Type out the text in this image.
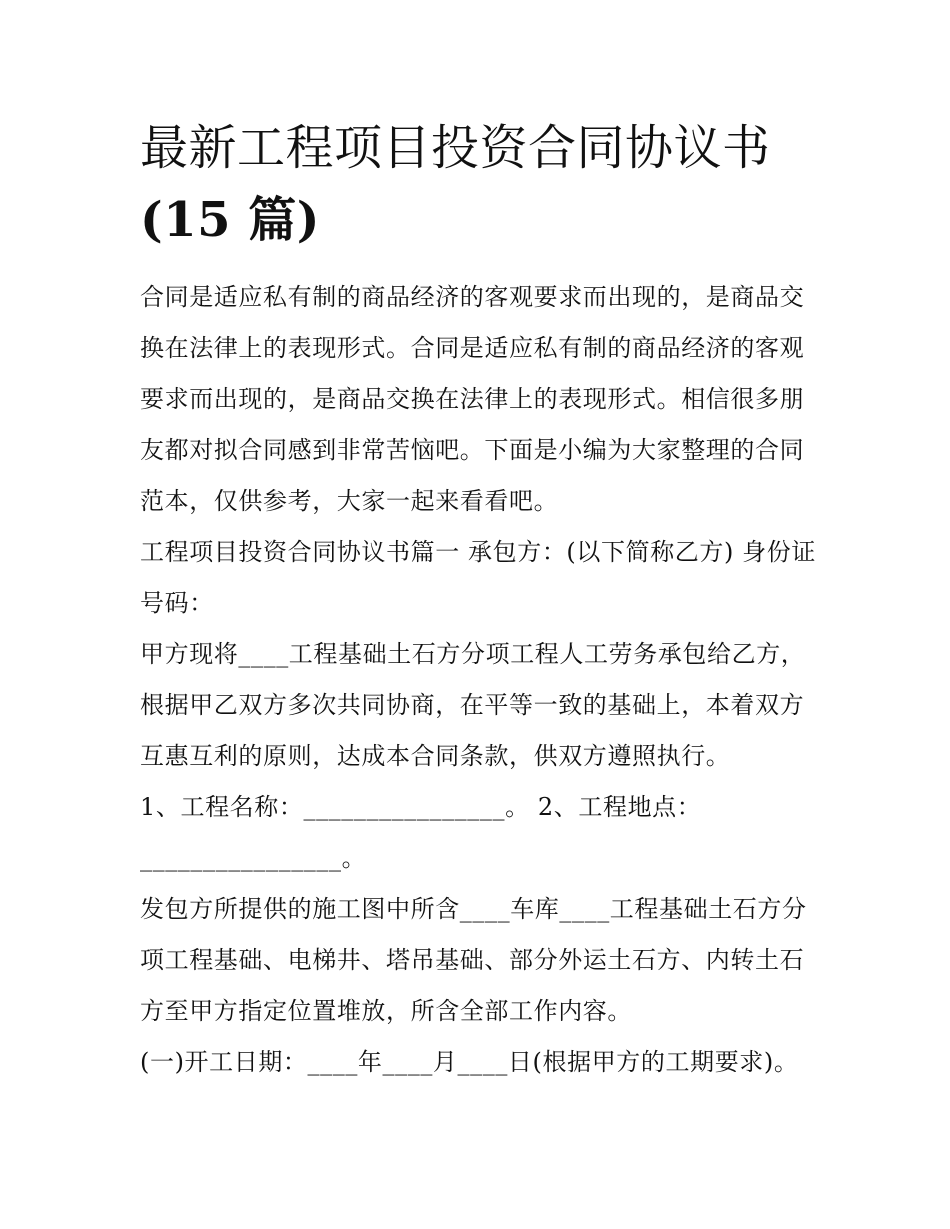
最新工程项目投资合同协议书
(15 篇)

合同是适应私有制的商品经济的客观要求而出现的，是商品交换在法律上的表现形式。合同是适应私有制的商品经济的客观要求而出现的，是商品交换在法律上的表现形式。相信很多朋友都对拟合同感到非常苦恼吧。下面是小编为大家整理的合同范本，仅供参考，大家一起来看看吧。

工程项目投资合同协议书篇一 承包方：(以下简称乙方) 身份证号码：

甲方现将____工程基础土石方分项工程人工劳务承包给乙方，根据甲乙双方多次共同协商，在平等一致的基础上，本着双方互惠互利的原则，达成本合同条款，供双方遵照执行。

1、工程名称：________________。 2、工程地点：________________。

发包方所提供的施工图中所含____车库____工程基础土石方分项工程基础、电梯井、塔吊基础、部分外运土石方、内转土石方至甲方指定位置堆放，所含全部工作内容。

(一)开工日期：____年____月____日(根据甲方的工期要求)。
